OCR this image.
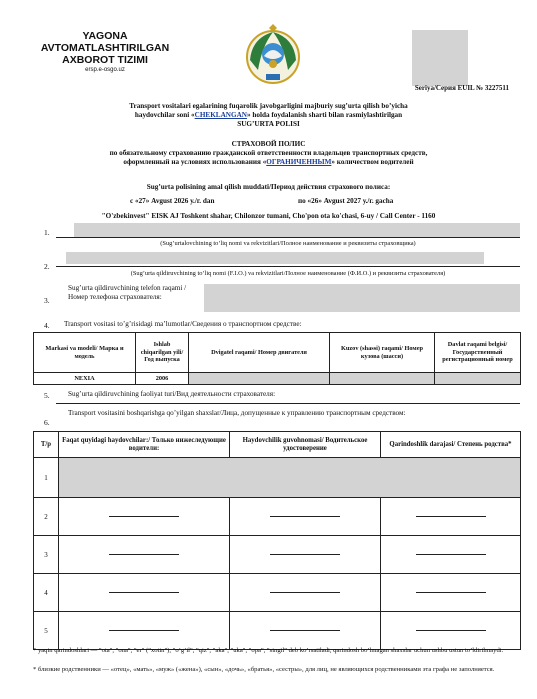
YAGONA
AVTOMATLASHTIRILGAN
AXBOROT TIZIMI
ersp.e-osgo.uz
Seriya/Серия EUIL № 3227511
Transport vositalari egalarining fuqarolik javobgarligini majburiy sug’urta qilish bo’yicha
haydovchilar soni «CHEKLANGAN» holda foydalanish sharti bilan rasmiylashtirilgan
SUG’URTA POLISI
СТРАХОВОЙ ПОЛИС
по обязательному страхованию гражданской ответственности владельцев транспортных средств,
оформленный на условиях использования «ОГРАНИЧЕННЫМ» количеством водителей
Sug’urta polisining amal qilish muddati/Период действия страхового полиса:
с «27» Avgust 2026 у./г. dan	по «26» Avgust 2027 у./г. gacha
"O'zbekinvest" EISK AJ Toshkent shahar, Chilonzor tumani, Cho'pon ota ko'chasi, 6-uy / Call Center - 1160
1.
(Sug’urtalovchining to’liq nomi va rekvizitlari/Полное наименование и реквизиты страховщика)
2.
(Sug’urta qildiruvchining to’liq nomi (F.I.O.) va rekvizitlari/Полное наименование (Ф.И.О.) и реквизиты страхователя)
3.
Sug’urta qildiruvchining telefon raqami /Номер телефона страхователя:
4. Transport vositasi to’g’risidagi ma’lumotlar/Сведения о транспортном средстве:
Markasi va modeli/ Марка и модель	Ishlab chiqarilgan yili/ Год выпуска	Dvigatel raqami/ Номер двигателя	Kuzov (shassi) raqami/ Номер кузова (шасси)	Davlat raqami belgisi/ Государственный регистрационный номер
NEXIA	2006			
5.	Sug’urta qildiruvchining faoliyat turi/Вид деятельности страхователя:
6.
Transport vositasini boshqarishga qo’yilgan shaxslar/Лица, допущенные к управлению транспортным средством:
T/p	Faqat quyidagi haydovchilar:/ Только нижеследующие водители:	Haydovchilik guvohnomasi/ Водительское удостоверение	Qarindoshlik darajasi/ Степень родства*
1			
2			
3			
4			
5			
* yaqin qarindoshlari — "ota", "ona", "er" ("xotin"), "o’g’il", "qiz", "aka", "uka", "opa", "singil" deb ko’rsatiladi, qarindosh bo’lmagan shaxslar uchun ushbu ustun to’ldirilmaydi.
* близкие родственники — «отец», «мать», «муж» («жена»), «сын», «дочь», «братья», «сестры», для лиц, не являющихся родственниками эта графа не заполняется.
